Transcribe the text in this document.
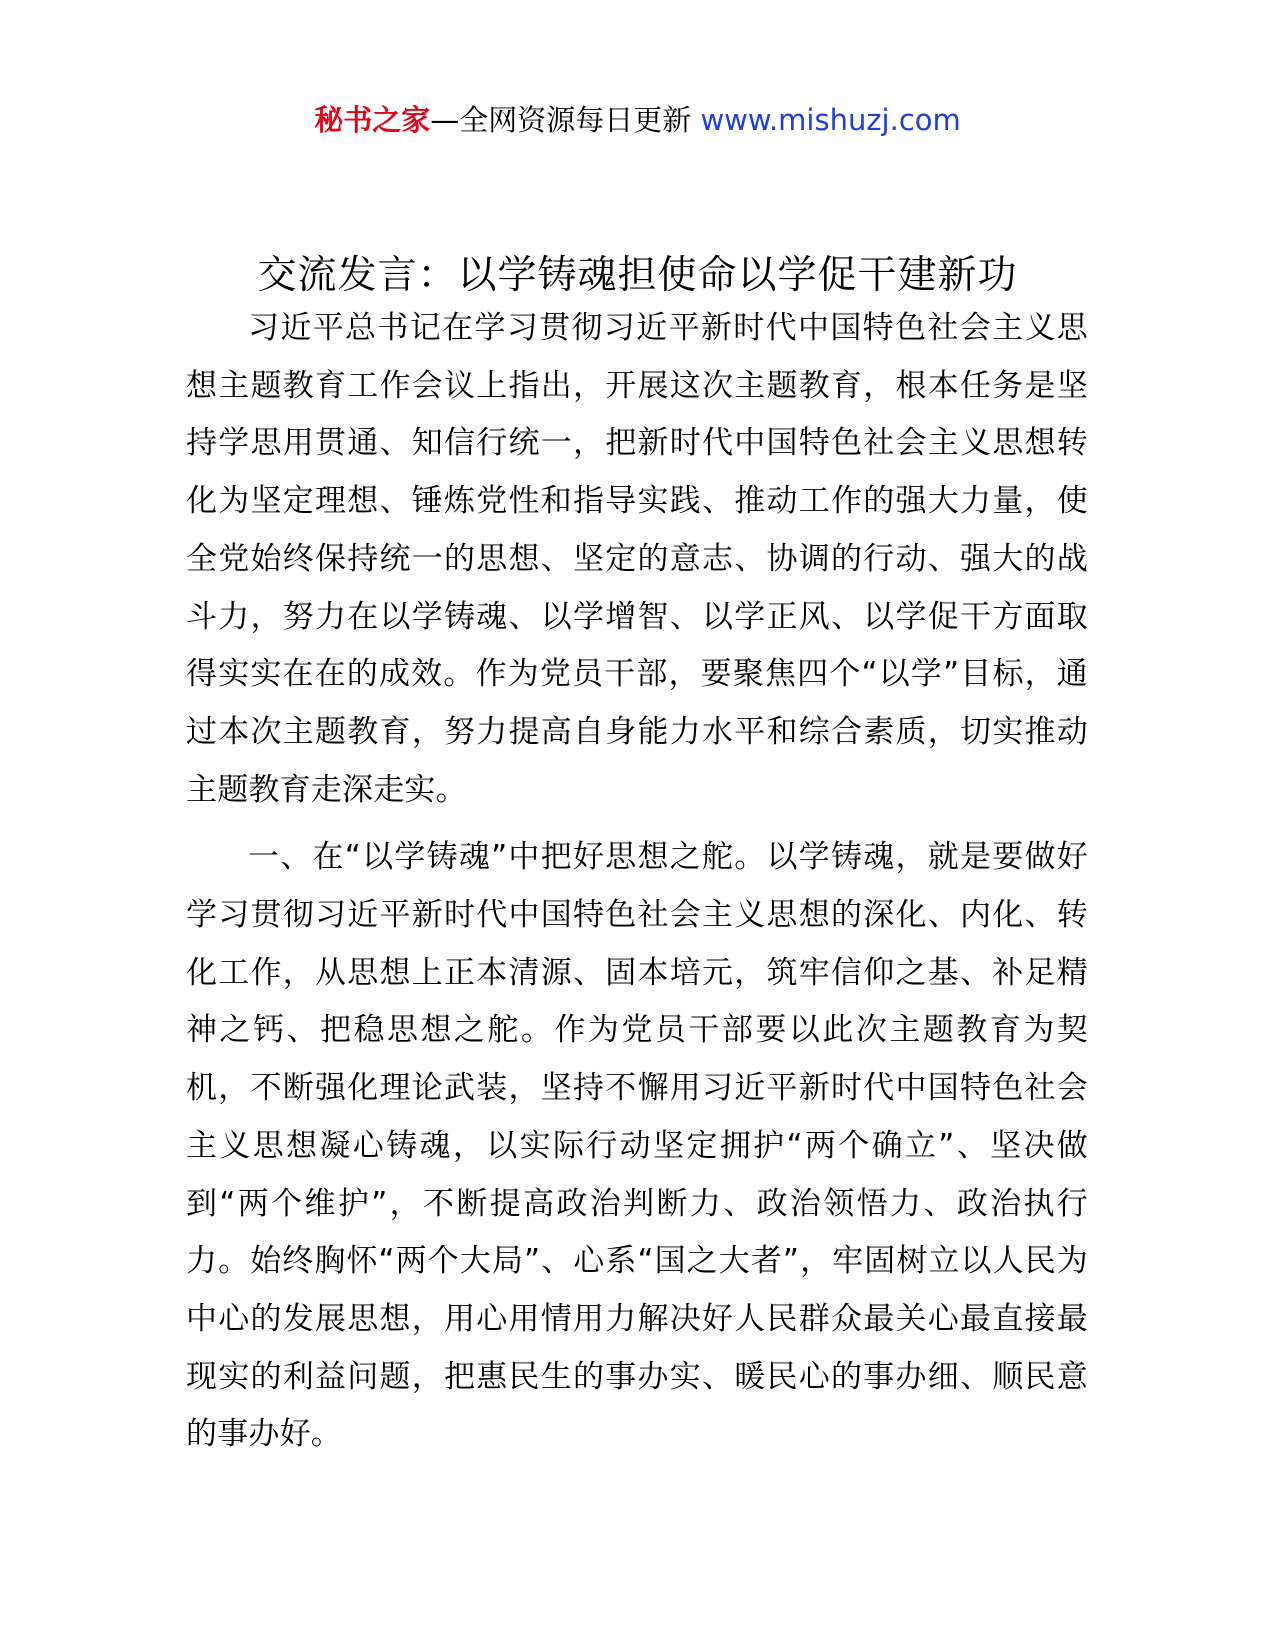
秘书之家—全网资源每日更新 www.mishuzj.com
交流发言：以学铸魂担使命以学促干建新功

习近平总书记在学习贯彻习近平新时代中国特色社会主义思想主题教育工作会议上指出，开展这次主题教育，根本任务是坚持学思用贯通、知信行统一，把新时代中国特色社会主义思想转化为坚定理想、锤炼党性和指导实践、推动工作的强大力量，使全党始终保持统一的思想、坚定的意志、协调的行动、强大的战斗力，努力在以学铸魂、以学增智、以学正风、以学促干方面取得实实在在的成效。作为党员干部，要聚焦四个“以学”目标，通过本次主题教育，努力提高自身能力水平和综合素质，切实推动主题教育走深走实。

一、在“以学铸魂”中把好思想之舵。以学铸魂，就是要做好学习贯彻习近平新时代中国特色社会主义思想的深化、内化、转化工作，从思想上正本清源、固本培元，筑牢信仰之基、补足精神之钙、把稳思想之舵。作为党员干部要以此次主题教育为契机，不断强化理论武装，坚持不懈用习近平新时代中国特色社会主义思想凝心铸魂，以实际行动坚定拥护“两个确立”、坚决做到“两个维护”，不断提高政治判断力、政治领悟力、政治执行力。始终胸怀“两个大局”、心系“国之大者”，牢固树立以人民为中心的发展思想，用心用情用力解决好人民群众最关心最直接最现实的利益问题，把惠民生的事办实、暖民心的事办细、顺民意的事办好。
